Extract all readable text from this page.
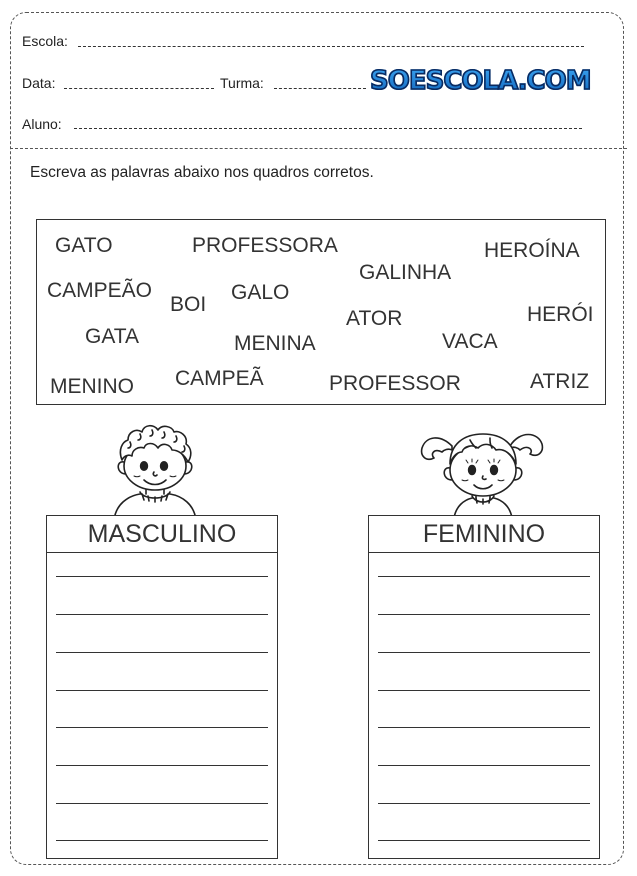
Escola:
Data:	Turma:	SOESCOLA.COM
Aluno:
Escreva as palavras abaixo nos quadros corretos.
GATO	PROFESSORA	HEROÍNA
GALINHA
CAMPEÃO
BOI
GALO
HERÓI
ATOR
GATA	MENINA	VACA
MENINO CAMPEÃ	PROFESSOR	ATRIZ
MASCULINO	FEMININO
